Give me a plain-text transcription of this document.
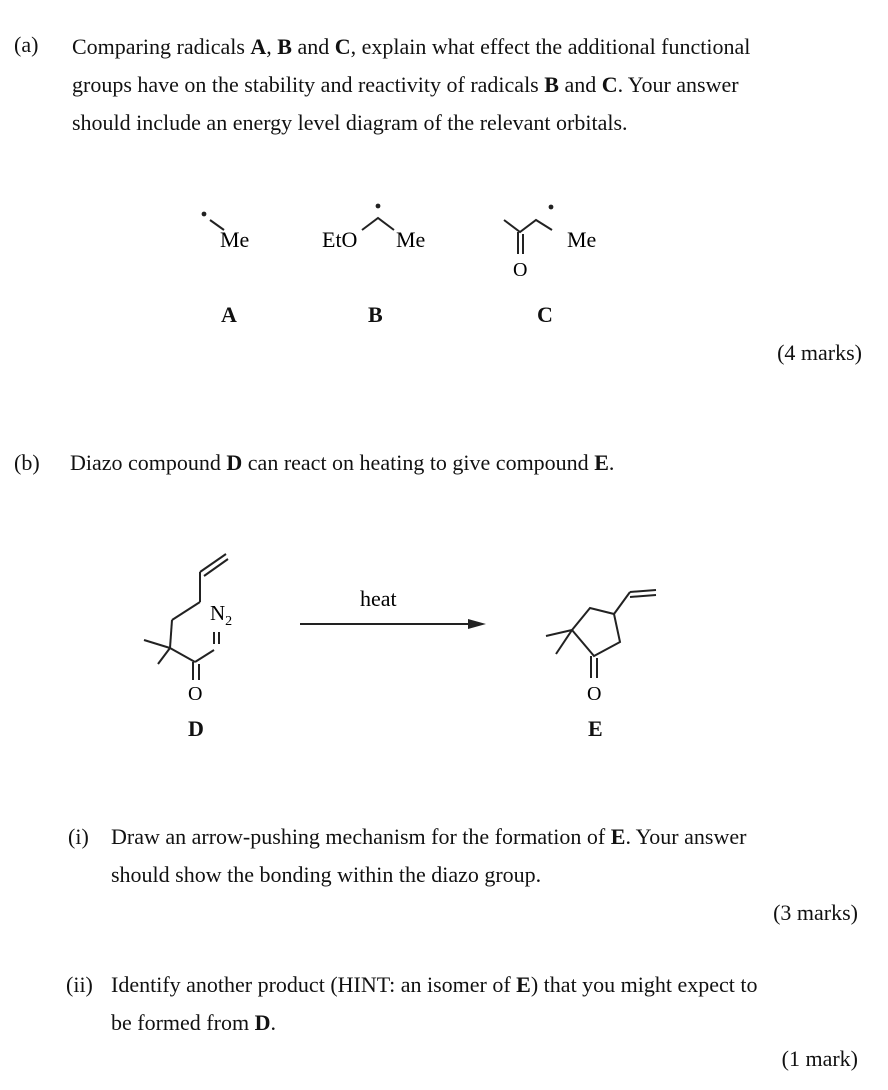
(a) Comparing radicals A, B and C, explain what effect the additional functional
groups have on the stability and reactivity of radicals B and C. Your answer
should include an energy level diagram of the relevant orbitals.
Me	EtO Me	Me
O
A	B	C
(4 marks)
(b) Diazo compound D can react on heating to give compound E.
$N_2$
O
heat
O
D	E
(i) Draw an arrow-pushing mechanism for the formation of E. Your answer
should show the bonding within the diazo group.
(3 marks)
(ii) Identify another product (HINT: an isomer of E) that you might expect to
be formed from D.
(1 mark)
